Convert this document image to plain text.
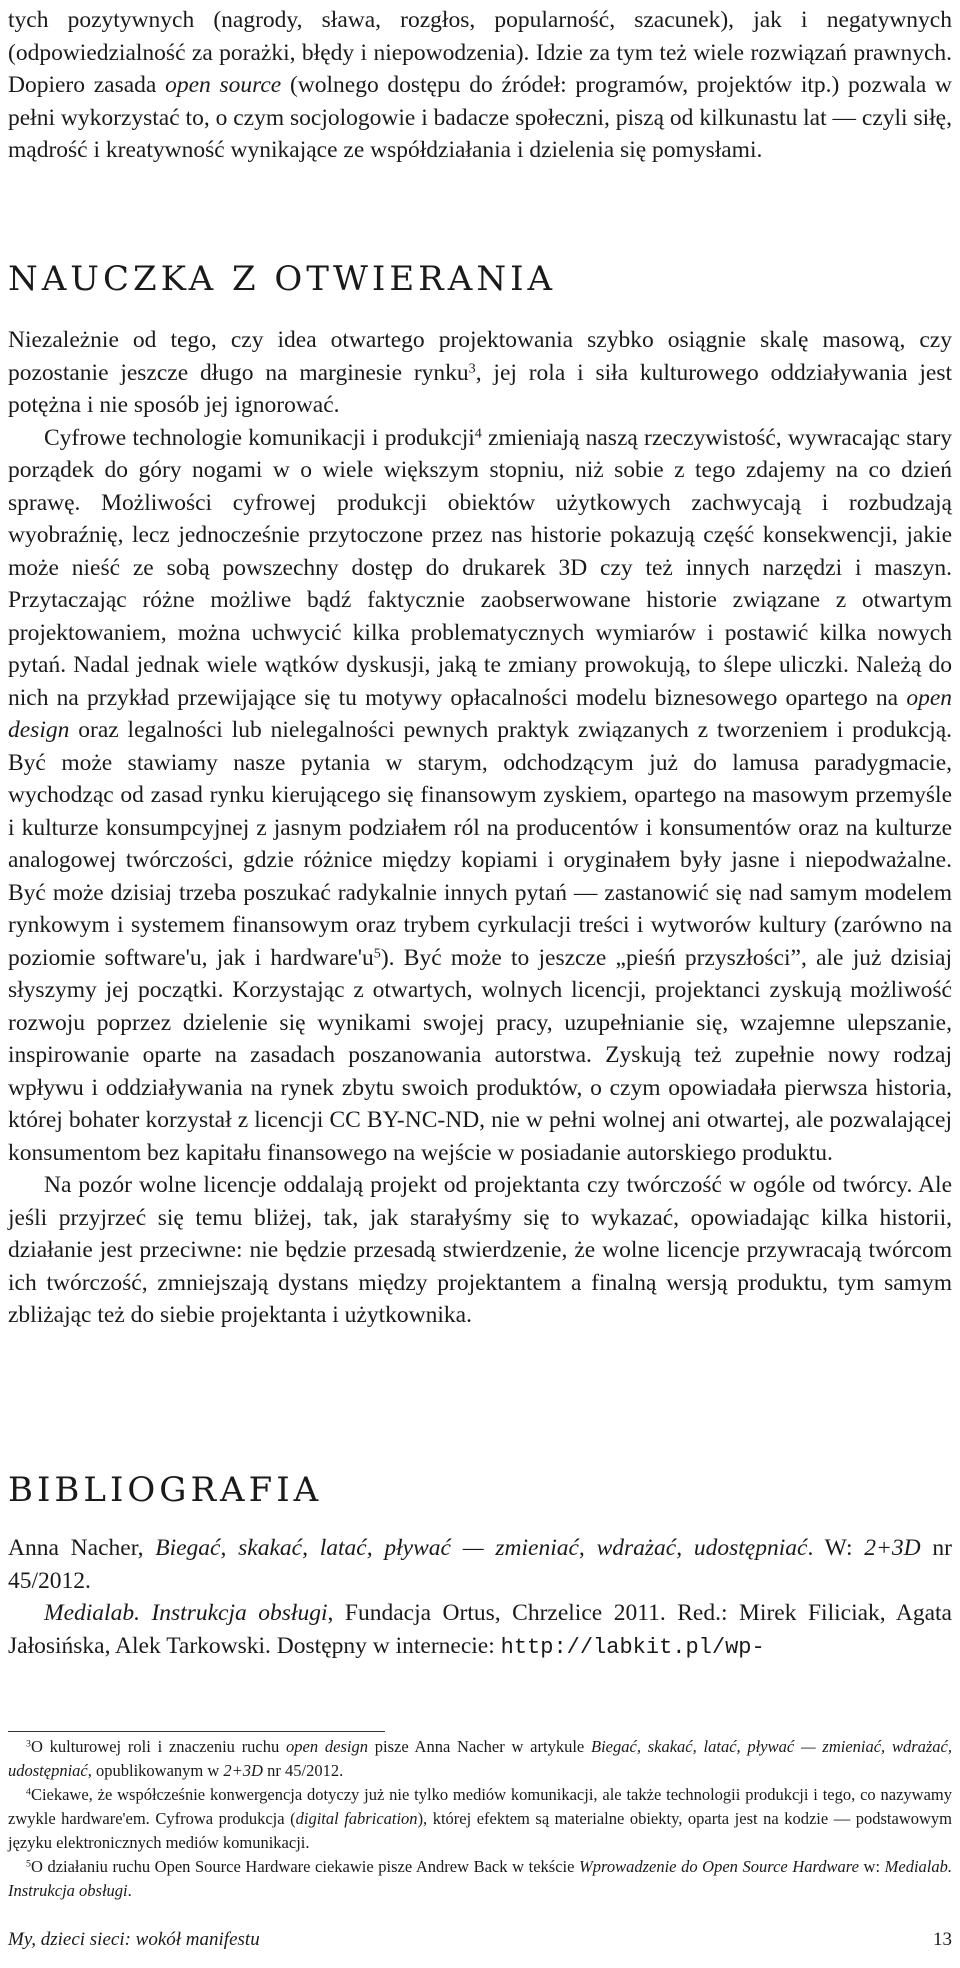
tych pozytywnych (nagrody, sława, rozgłos, popularność, szacunek), jak i negatywnych (odpowiedzialność za porażki, błędy i niepowodzenia). Idzie za tym też wiele rozwiązań prawnych. Dopiero zasada open source (wolnego dostępu do źródeł: programów, projektów itp.) pozwala w pełni wykorzystać to, o czym socjologowie i badacze społeczni, piszą od kilkunastu lat — czyli siłę, mądrość i kreatywność wynikające ze współdziałania i dzielenia się pomysłami.

NAUCZKA Z OTWIERANIA

Niezależnie od tego, czy idea otwartego projektowania szybko osiągnie skalę masową, czy pozostanie jeszcze długo na marginesie rynku$^3$, jej rola i siła kulturowego oddziaływania jest potężna i nie sposób jej ignorować.

Cyfrowe technologie komunikacji i produkcji$^4$ zmieniają naszą rzeczywistość, wywracając stary porządek do góry nogami w o wiele większym stopniu, niż sobie z tego zdajemy na co dzień sprawę. Możliwości cyfrowej produkcji obiektów użytkowych zachwycają i rozbudzają wyobraźnię, lecz jednocześnie przytoczone przez nas historie pokazują część konsekwencji, jakie może nieść ze sobą powszechny dostęp do drukarek 3D czy też innych narzędzi i maszyn. Przytaczając różne możliwe bądź faktycznie zaobserwowane historie związane z otwartym projektowaniem, można uchwycić kilka problematycznych wymiarów i postawić kilka nowych pytań. Nadal jednak wiele wątków dyskusji, jaką te zmiany prowokują, to ślepe uliczki. Należą do nich na przykład przewijające się tu motywy opłacalności modelu biznesowego opartego na open design oraz legalności lub nielegalności pewnych praktyk związanych z tworzeniem i produkcją. Być może stawiamy nasze pytania w starym, odchodzącym już do lamusa paradygmacie, wychodząc od zasad rynku kierującego się finansowym zyskiem, opartego na masowym przemyśle i kulturze konsumpcyjnej z jasnym podziałem ról na producentów i konsumentów oraz na kulturze analogowej twórczości, gdzie różnice między kopiami i oryginałem były jasne i niepodważalne. Być może dzisiaj trzeba poszukać radykalnie innych pytań — zastanowić się nad samym modelem rynkowym i systemem finansowym oraz trybem cyrkulacji treści i wytworów kultury (zarówno na poziomie software'u, jak i $hardware'u^5$). Być może to jeszcze „pieśń przyszłości”, ale już dzisiaj słyszymy jej początki. Korzystając z otwartych, wolnych licencji, projektanci zyskują możliwość rozwoju poprzez dzielenie się wynikami swojej pracy, uzupełnianie się, wzajemne ulepszanie, inspirowanie oparte na zasadach poszanowania autorstwa. Zyskują też zupełnie nowy rodzaj wpływu i oddziaływania na rynek zbytu swoich produktów, o czym opowiadała pierwsza historia, której bohater korzystał z licencji CC BY-NC-ND, nie w pełni wolnej ani otwartej, ale pozwalającej konsumentom bez kapitału finansowego na wejście w posiadanie autorskiego produktu.

Na pozór wolne licencje oddalają projekt od projektanta czy twórczość w ogóle od twórcy. Ale jeśli przyjrzeć się temu bliżej, tak, jak starałyśmy się to wykazać, opowiadając kilka historii, działanie jest przeciwne: nie będzie przesadą stwierdzenie, że wolne licencje przywracają twórcom ich twórczość, zmniejszają dystans między projektantem a finalną wersją produktu, tym samym zbliżając też do siebie projektanta i użytkownika.

BIBLIOGRAFIA

Anna Nacher, Biegać, skakać, latać, pływać — zmieniać, wdrażać, udostępniać. W: 2+3D nr 45/2012.

Medialab. Instrukcja obsługi, Fundacja Ortus, Chrzelice 2011. Red.: Mirek Filiciak, Agata Jałosińska, Alek Tarkowski. Dostępny w internecie: http://labkit.pl/wp-

$^3$O kulturowej roli i znaczeniu ruchu open design pisze Anna Nacher w artykule Biegać, skakać, latać, pływać — zmieniać, wdrażać, udostępniać, opublikowanym w 2+3D nr 45/2012.

$^4$Ciekawe, że współcześnie konwergencja dotyczy już nie tylko mediów komunikacji, ale także technologii produkcji i tego, co nazywamy zwykle hardware'em. Cyfrowa produkcja (digital fabrication), której efektem są materialne obiekty, oparta jest na kodzie — podstawowym języku elektronicznych mediów komunikacji.

$^5$O działaniu ruchu Open Source Hardware ciekawie pisze Andrew Back w tekście Wprowadzenie do Open Source Hardware w: Medialab. Instrukcja obsługi.

My, dzieci sieci: wokół manifestu	13
